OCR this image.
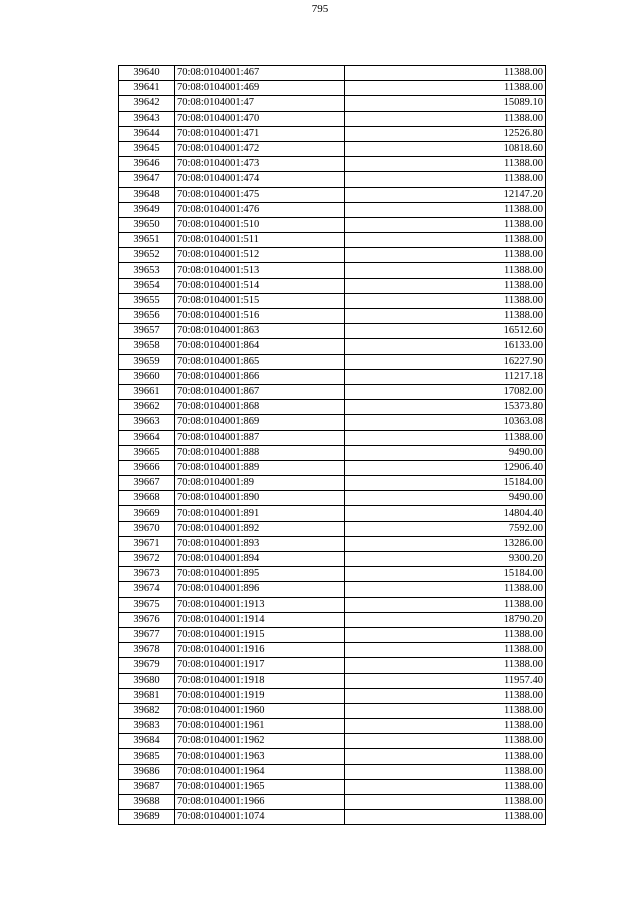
795
39640	70:08:0104001:467	11388.00
39641	70:08:0104001:469	11388.00
39642	70:08:0104001:47	15089.10
39643	70:08:0104001:470	11388.00
39644	70:08:0104001:471	12526.80
39645	70:08:0104001:472	10818.60
39646	70:08:0104001:473	11388.00
39647	70:08:0104001:474	11388.00
39648	70:08:0104001:475	12147.20
39649	70:08:0104001:476	11388.00
39650	70:08:0104001:510	11388.00
39651	70:08:0104001:511	11388.00
39652	70:08:0104001:512	11388.00
39653	70:08:0104001:513	11388.00
39654	70:08:0104001:514	11388.00
39655	70:08:0104001:515	11388.00
39656	70:08:0104001:516	11388.00
39657	70:08:0104001:863	16512.60
39658	70:08:0104001:864	16133.00
39659	70:08:0104001:865	16227.90
39660	70:08:0104001:866	11217.18
39661	70:08:0104001:867	17082.00
39662	70:08:0104001:868	15373.80
39663	70:08:0104001:869	10363.08
39664	70:08:0104001:887	11388.00
39665	70:08:0104001:888	9490.00
39666	70:08:0104001:889	12906.40
39667	70:08:0104001:89	15184.00
39668	70:08:0104001:890	9490.00
39669	70:08:0104001:891	14804.40
39670	70:08:0104001:892	7592.00
39671	70:08:0104001:893	13286.00
39672	70:08:0104001:894	9300.20
39673	70:08:0104001:895	15184.00
39674	70:08:0104001:896	11388.00
39675	70:08:0104001:1913	11388.00
39676	70:08:0104001:1914	18790.20
39677	70:08:0104001:1915	11388.00
39678	70:08:0104001:1916	11388.00
39679	70:08:0104001:1917	11388.00
39680	70:08:0104001:1918	11957.40
39681	70:08:0104001:1919	11388.00
39682	70:08:0104001:1960	11388.00
39683	70:08:0104001:1961	11388.00
39684	70:08:0104001:1962	11388.00
39685	70:08:0104001:1963	11388.00
39686	70:08:0104001:1964	11388.00
39687	70:08:0104001:1965	11388.00
39688	70:08:0104001:1966	11388.00
39689	70:08:0104001:1074	11388.00
